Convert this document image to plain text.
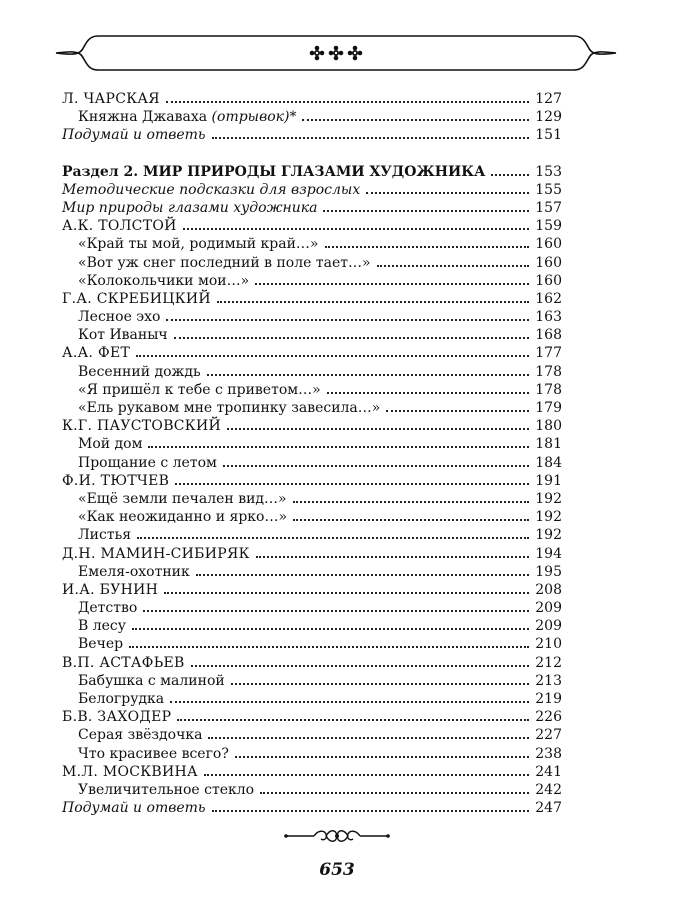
Л. ЧАРСКАЯ	127
Княжна Джаваха (отрывок)*	129
Подумай и ответь	151
Раздел 2. МИР ПРИРОДЫ ГЛАЗАМИ ХУДОЖНИКА	153
Методические подсказки для взрослых	155
Мир природы глазами художника	157
А.К. ТОЛСТОЙ	159
«Край ты мой, родимый край…»	160
«Вот уж снег последний в поле тает…»	160
«Колокольчики мои…»	160
Г.А. СКРЕБИЦКИЙ	162
Лесное эхо	163
Кот Иваныч	168
А.А. ФЕТ	177
Весенний дождь	178
«Я пришёл к тебе с приветом…»	178
«Ель рукавом мне тропинку завесила…»	179
К.Г. ПАУСТОВСКИЙ	180
Мой дом	181
Прощание с летом	184
Ф.И. ТЮТЧЕВ	191
«Ещё земли печален вид…»	192
«Как неожиданно и ярко…»	192
Листья	192
Д.Н. МАМИН-СИБИРЯК	194
Емеля-охотник	195
И.А. БУНИН	208
Детство	209
В лесу	209
Вечер	210
В.П. АСТАФЬЕВ	212
Бабушка с малиной	213
Белогрудка	219
Б.В. ЗАХОДЕР	226
Серая звёздочка	227
Что красивее всего?	238
М.Л. МОСКВИНА	241
Увеличительное стекло	242
Подумай и ответь	247
653
